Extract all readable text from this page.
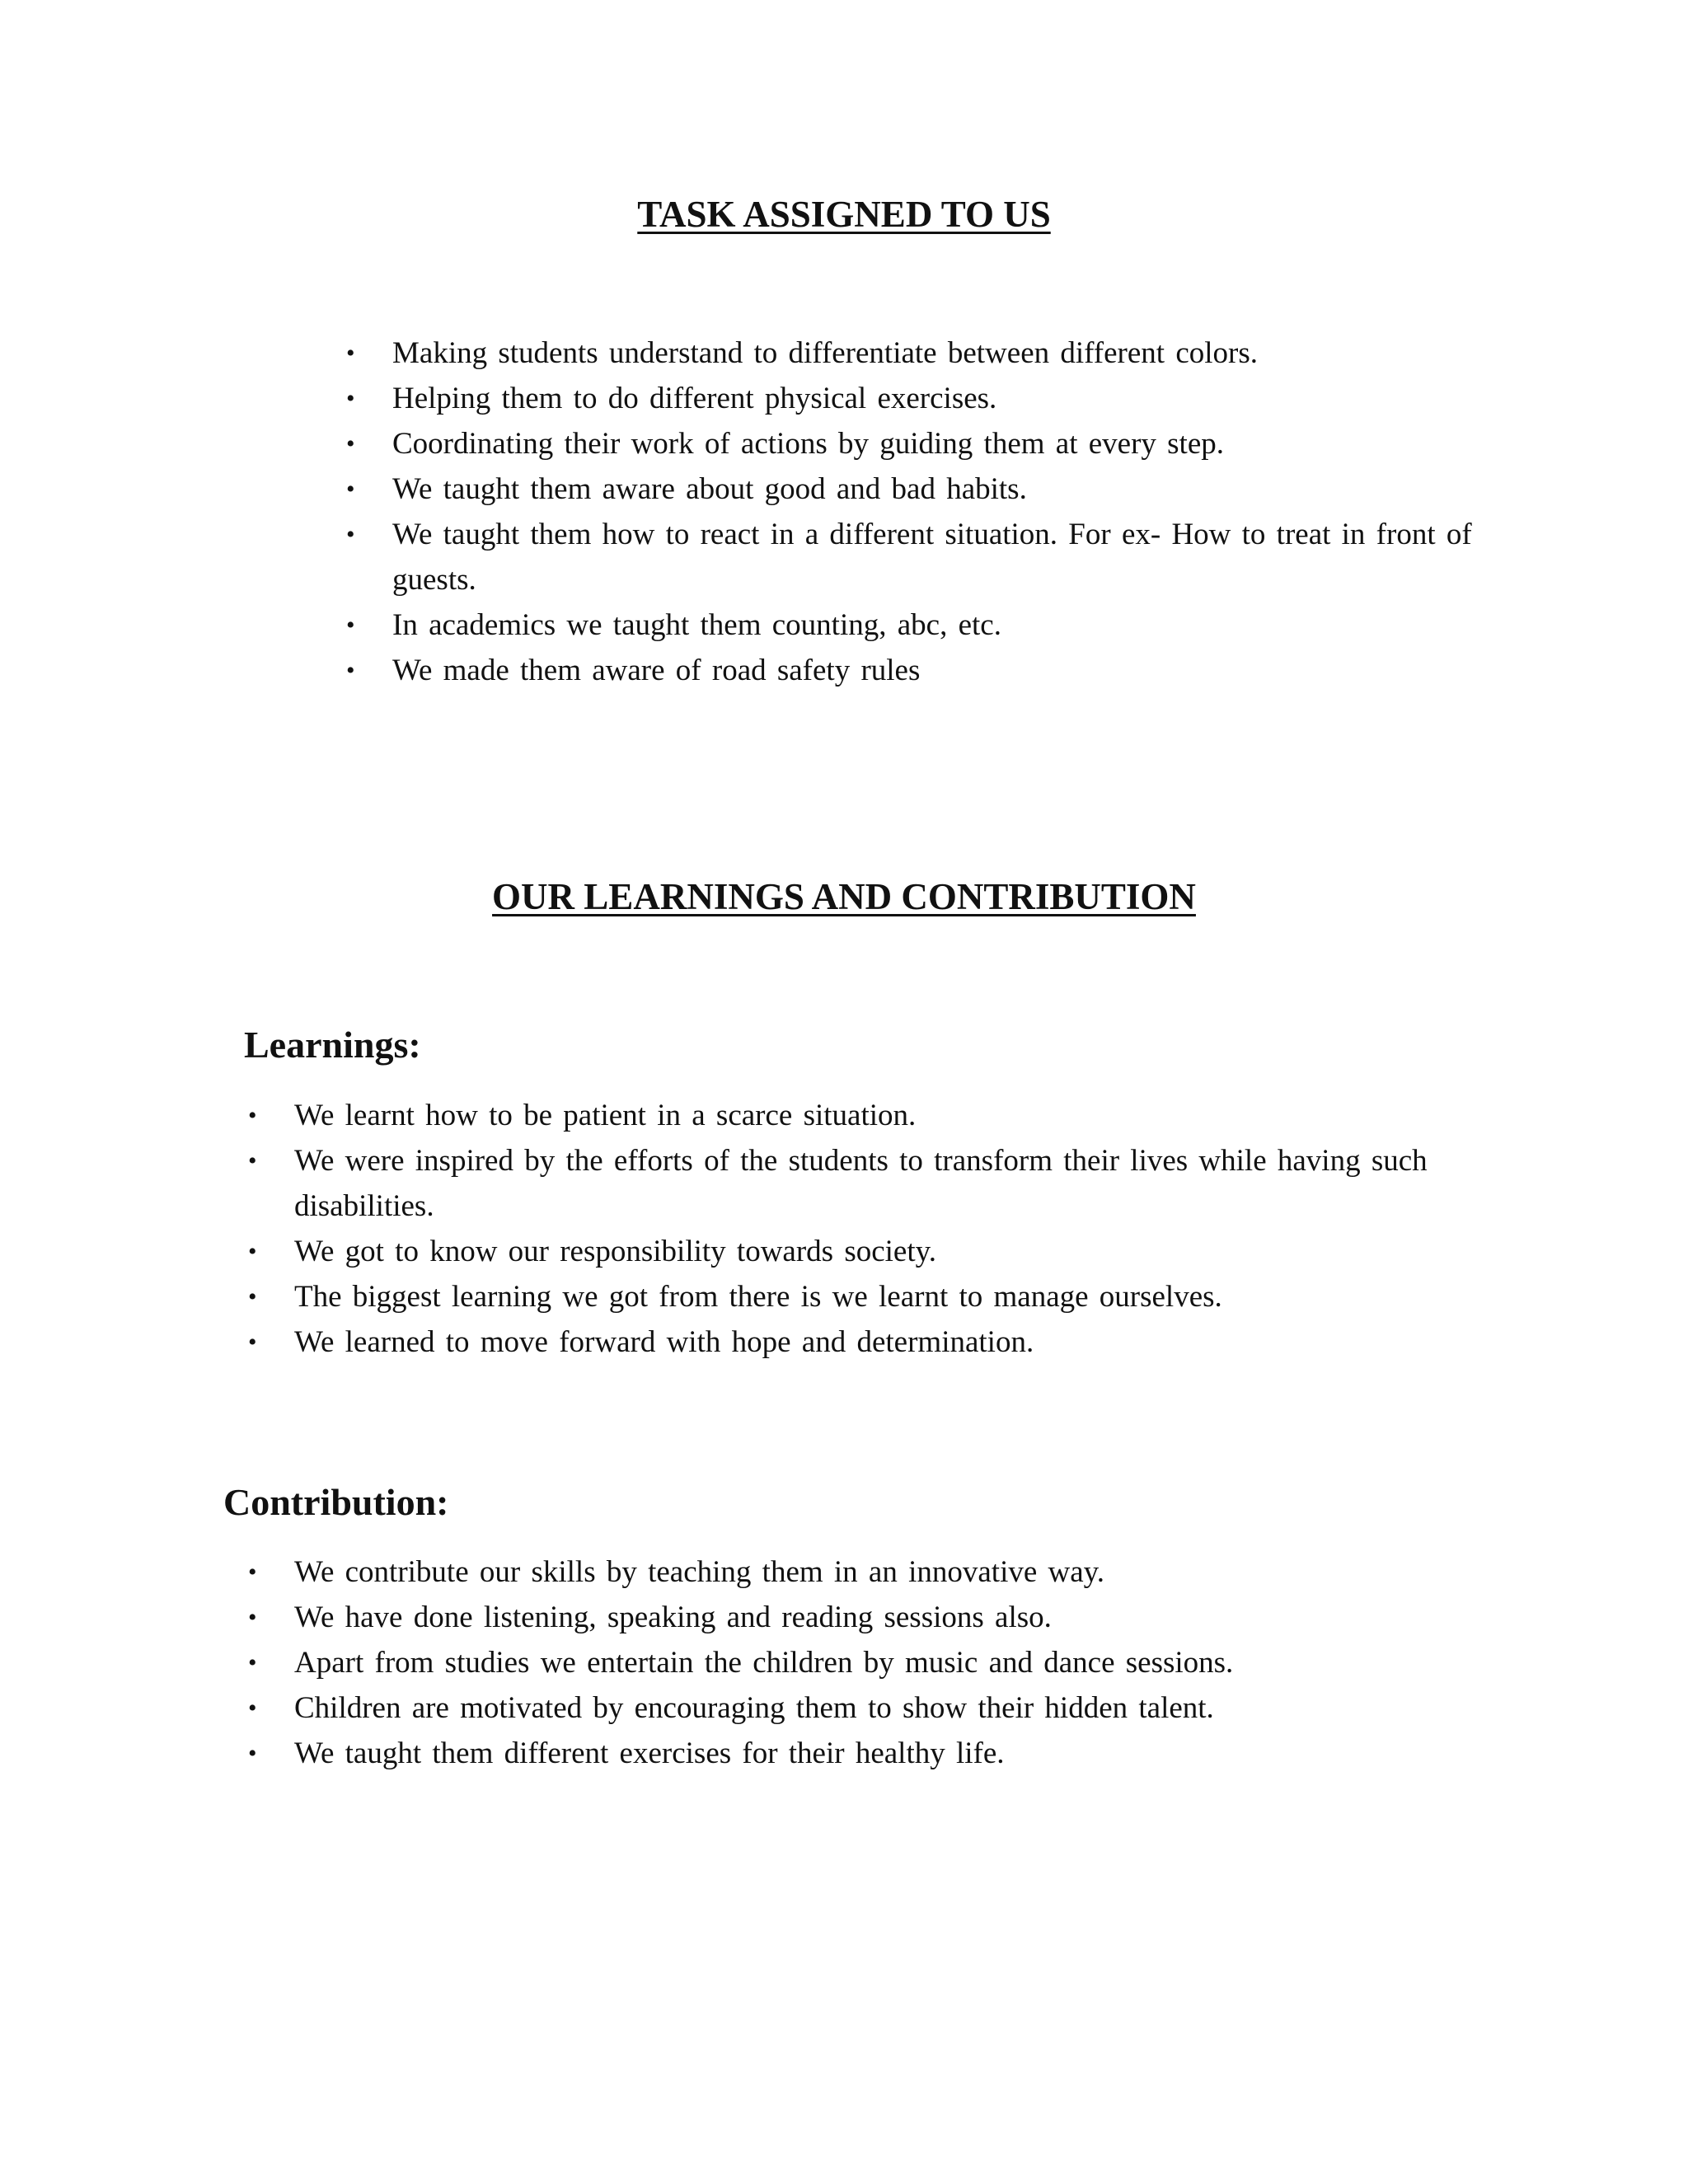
TASK ASSIGNED TO US
• Making students understand to differentiate between different colors.
• Helping them to do different physical exercises.
• Coordinating their work of actions by guiding them at every step.
• We taught them aware about good and bad habits.
• We taught them how to react in a different situation. For ex- How to treat in front of guests.
• In academics we taught them counting, abc, etc.
• We made them aware of road safety rules
OUR LEARNINGS AND CONTRIBUTION
Learnings:
• We learnt how to be patient in a scarce situation.
• We were inspired by the efforts of the students to transform their lives while having such disabilities.
• We got to know our responsibility towards society.
• The biggest learning we got from there is we learnt to manage ourselves.
• We learned to move forward with hope and determination.
Contribution:
• We contribute our skills by teaching them in an innovative way.
• We have done listening, speaking and reading sessions also.
• Apart from studies we entertain the children by music and dance sessions.
• Children are motivated by encouraging them to show their hidden talent.
• We taught them different exercises for their healthy life.
